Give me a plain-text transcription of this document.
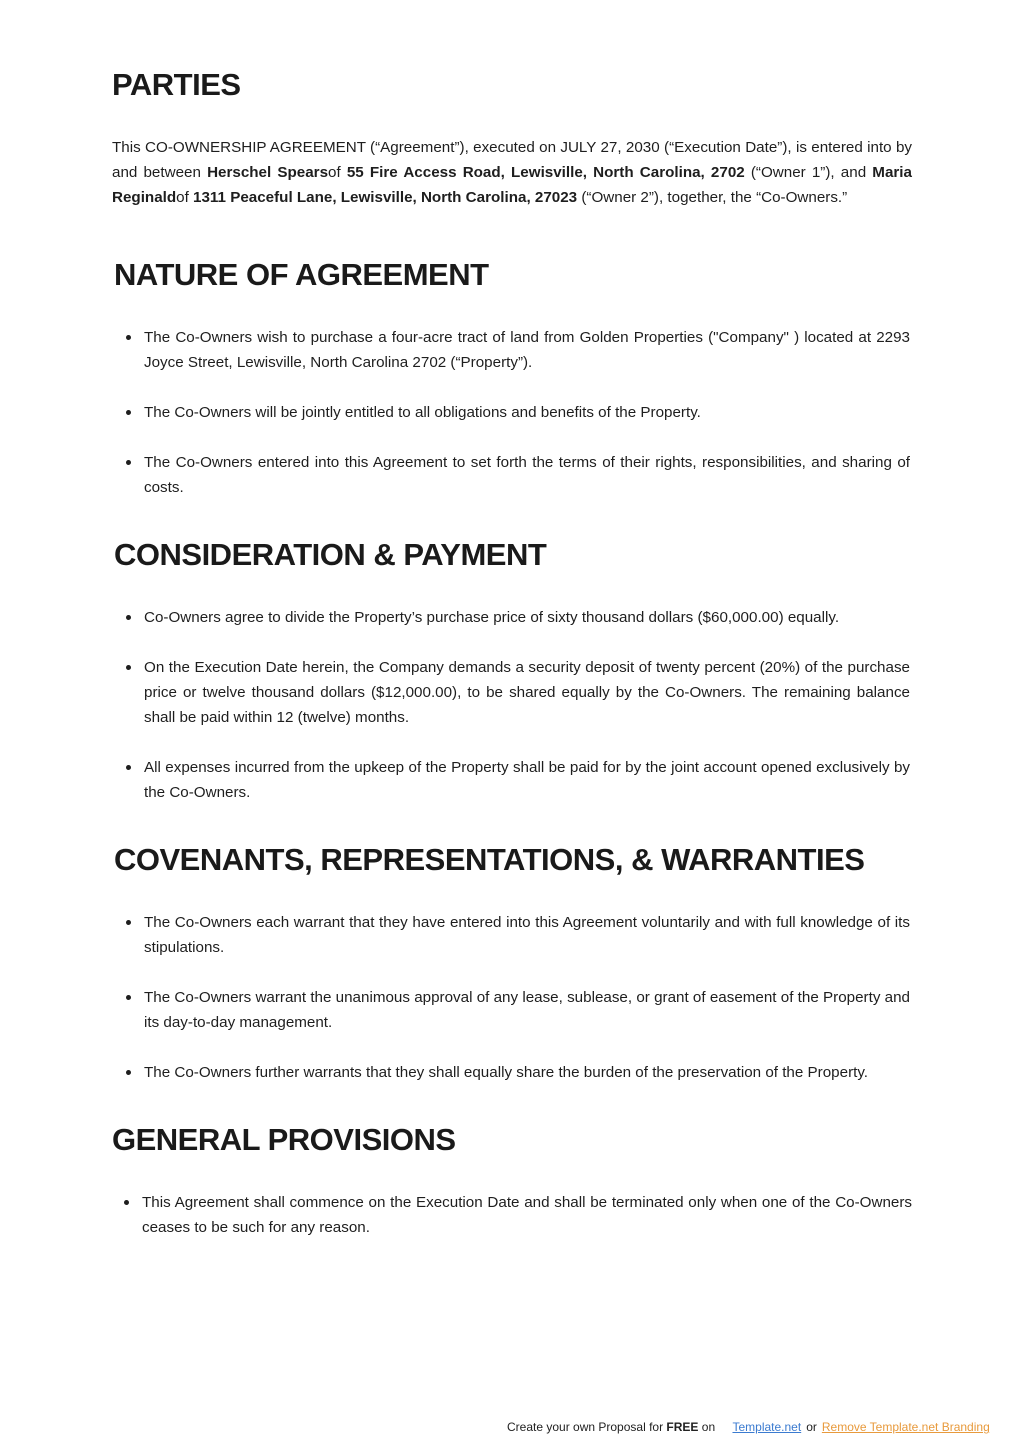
PARTIES

This CO-OWNERSHIP AGREEMENT (“Agreement”), executed on JULY 27, 2030 (“Execution Date”), is entered into by and between Herschel Spearsof 55 Fire Access Road, Lewisville, North Carolina, 2702 (“Owner 1”), and Maria Reginaldof 1311 Peaceful Lane, Lewisville, North Carolina, 27023 (“Owner 2”), together, the “Co-Owners.”

NATURE OF AGREEMENT
The Co-Owners wish to purchase a four-acre tract of land from Golden Properties ("Company" ) located at 2293 Joyce Street, Lewisville, North Carolina 2702 (“Property”).
The Co-Owners will be jointly entitled to all obligations and benefits of the Property.
The Co-Owners entered into this Agreement to set forth the terms of their rights, responsibilities, and sharing of costs.
CONSIDERATION & PAYMENT
Co-Owners agree to divide the Property’s purchase price of sixty thousand dollars ($60,000.00) equally.
On the Execution Date herein, the Company demands a security deposit of twenty percent (20%) of the purchase price or twelve thousand dollars ($12,000.00), to be shared equally by the Co-Owners. The remaining balance shall be paid within 12 (twelve) months.
All expenses incurred from the upkeep of the Property shall be paid for by the joint account opened exclusively by the Co-Owners.
COVENANTS, REPRESENTATIONS, & WARRANTIES
The Co-Owners each warrant that they have entered into this Agreement voluntarily and with full knowledge of its stipulations.
The Co-Owners warrant the unanimous approval of any lease, sublease, or grant of easement of the Property and its day-to-day management.
The Co-Owners further warrants that they shall equally share the burden of the preservation of the Property.
GENERAL PROVISIONS
This Agreement shall commence on the Execution Date and shall be terminated only when one of the Co-Owners ceases to be such for any reason.
Create your own Proposal for FREE on Template.net or Remove Template.net Branding
